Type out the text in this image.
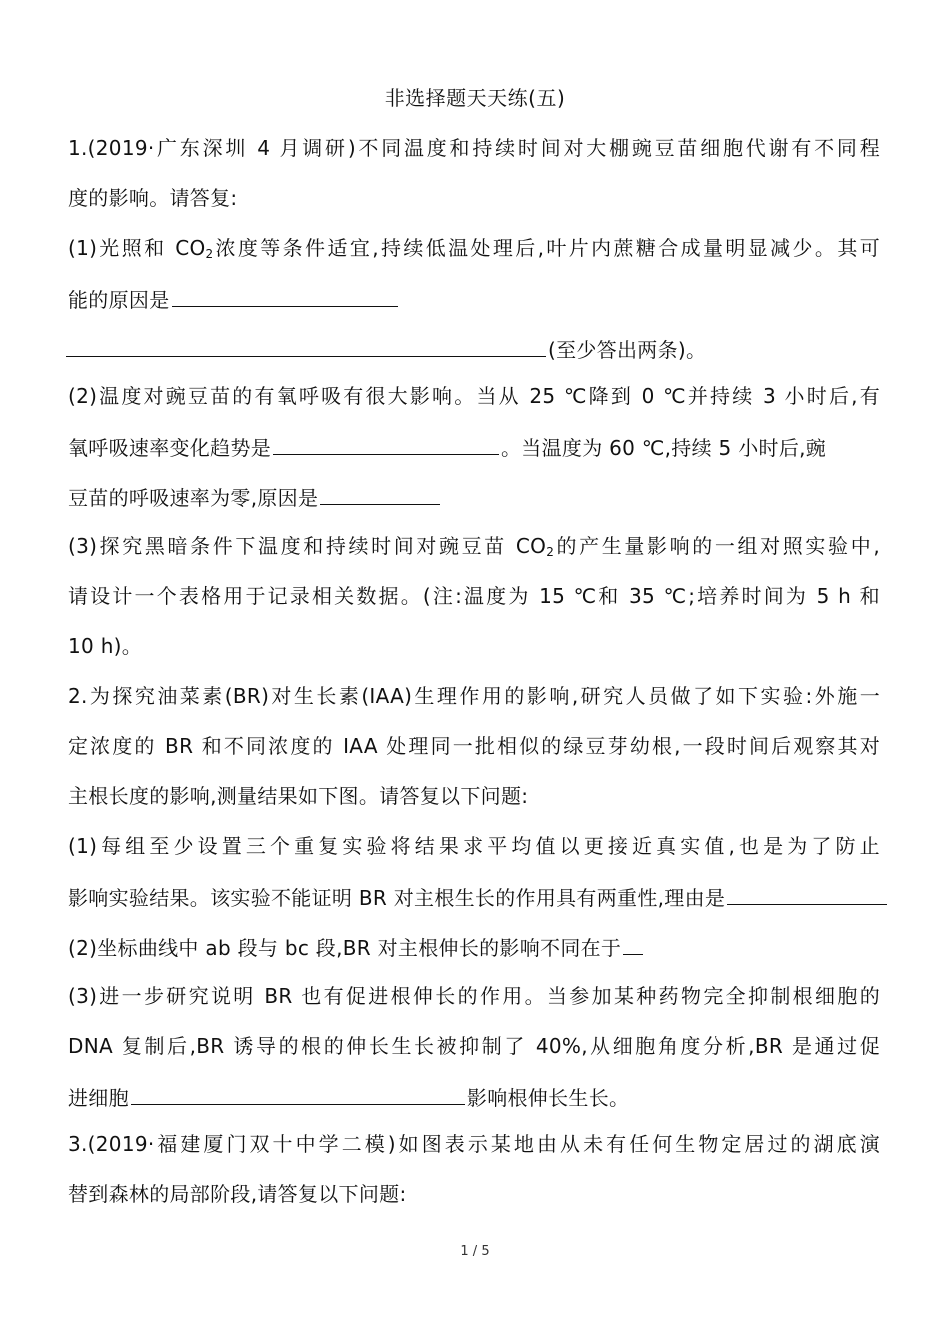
非选择题天天练(五)
1.(2019·广东深圳 4 月调研)不同温度和持续时间对大棚豌豆苗细胞代谢有不同程
度的影响。请答复:
(1)光照和 $CO_2$浓度等条件适宜,持续低温处理后,叶片内蔗糖合成量明显减少。其可
能的原因是
(至少答出两条)。
(2)温度对豌豆苗的有氧呼吸有很大影响。当从 25 ℃降到 0 ℃并持续 3 小时后,有
氧呼吸速率变化趋势是	。当温度为 60 ℃,持续 5 小时后,豌
豆苗的呼吸速率为零,原因是
(3)探究黑暗条件下温度和持续时间对豌豆苗 $CO_2$的产生量影响的一组对照实验中,
请设计一个表格用于记录相关数据。(注:温度为 15 ℃和 35 ℃;培养时间为 5 h 和
10 h)。
2.为探究油菜素(BR)对生长素(IAA)生理作用的影响,研究人员做了如下实验:外施一
定浓度的 BR 和不同浓度的 IAA 处理同一批相似的绿豆芽幼根,一段时间后观察其对
主根长度的影响,测量结果如下图。请答复以下问题:
(1)每组至少设置三个重复实验将结果求平均值以更接近真实值,也是为了防止
影响实验结果。该实验不能证明 BR 对主根生长的作用具有两重性,理由是
(2)坐标曲线中 ab 段与 bc 段,BR 对主根伸长的影响不同在于
(3)进一步研究说明 BR 也有促进根伸长的作用。当参加某种药物完全抑制根细胞的
DNA 复制后,BR 诱导的根的伸长生长被抑制了 40%,从细胞角度分析,BR 是通过促
进细胞	影响根伸长生长。
3.(2019·福建厦门双十中学二模)如图表示某地由从未有任何生物定居过的湖底演
替到森林的局部阶段,请答复以下问题:
1 / 5
